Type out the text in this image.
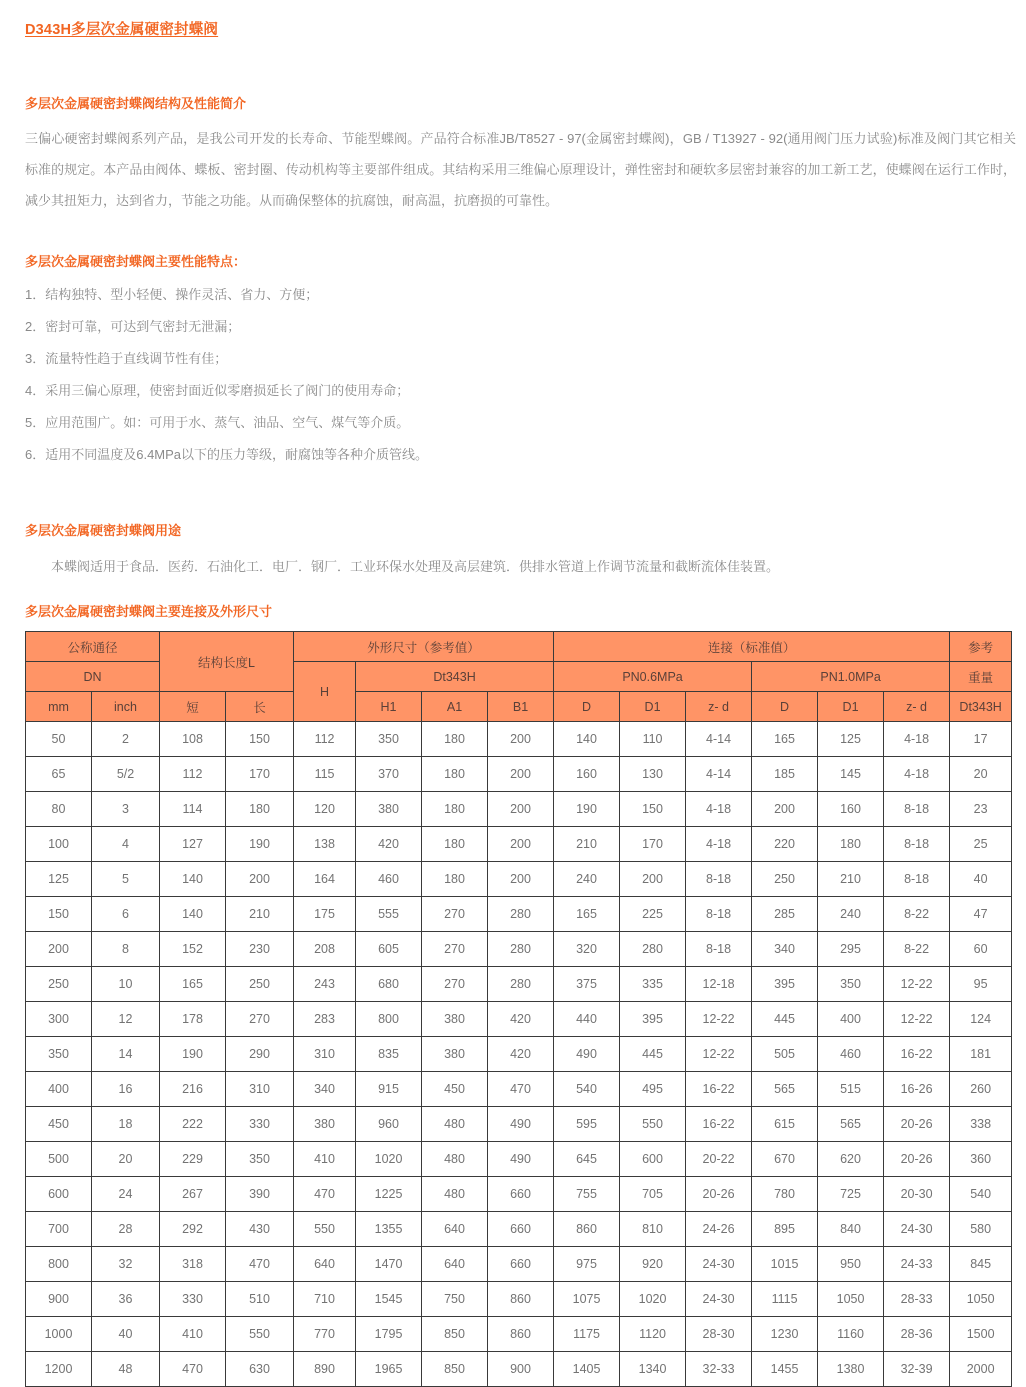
D343H多层次金属硬密封蝶阀
多层次金属硬密封蝶阀结构及性能简介

三偏心硬密封蝶阀系列产品，是我公司开发的长寿命、节能型蝶阀。产品符合标准JB/T8527 - 97(金属密封蝶阀)，GB / T13927 - 92(通用阀门压力试验)标准及阀门其它相关标准的规定。本产品由阀体、蝶板、密封圈、传动机构等主要部件组成。其结构采用三维偏心原理设计，弹性密封和硬软多层密封兼容的加工新工艺，使蝶阀在运行工作时，减少其扭矩力，达到省力，节能之功能。从而确保整体的抗腐蚀，耐高温，抗磨损的可靠性。

多层次金属硬密封蝶阀主要性能特点：
1．结构独特、型小轻便、操作灵活、省力、方便；
2．密封可靠，可达到气密封无泄漏；
3．流量特性趋于直线调节性有佳；
4．采用三偏心原理，使密封面近似零磨损延长了阀门的使用寿命；
5．应用范围广。如：可用于水、蒸气、油品、空气、煤气等介质。
6．适用不同温度及6.4MPa以下的压力等级，耐腐蚀等各种介质管线。
多层次金属硬密封蝶阀用途

本蝶阀适用于食品．医药．石油化工．电厂．钢厂．工业环保水处理及高层建筑．供排水管道上作调节流量和截断流体佳装置。

多层次金属硬密封蝶阀主要连接及外形尺寸
公称通径		结构长度L		外形尺寸（参考值）				连接（标准值）						参考
DN				H	Dt343H			PN0.6MPa			PN1.0MPa			重量
mm	inch	短	长		H1	A1	B1	D	D1	z- d	D	D1	z- d	Dt343H
50	2	108	150	112	350	180	200	140	110	4-14	165	125	4-18	17
65	5/2	112	170	115	370	180	200	160	130	4-14	185	145	4-18	20
80	3	114	180	120	380	180	200	190	150	4-18	200	160	8-18	23
100	4	127	190	138	420	180	200	210	170	4-18	220	180	8-18	25
125	5	140	200	164	460	180	200	240	200	8-18	250	210	8-18	40
150	6	140	210	175	555	270	280	165	225	8-18	285	240	8-22	47
200	8	152	230	208	605	270	280	320	280	8-18	340	295	8-22	60
250	10	165	250	243	680	270	280	375	335	12-18	395	350	12-22	95
300	12	178	270	283	800	380	420	440	395	12-22	445	400	12-22	124
350	14	190	290	310	835	380	420	490	445	12-22	505	460	16-22	181
400	16	216	310	340	915	450	470	540	495	16-22	565	515	16-26	260
450	18	222	330	380	960	480	490	595	550	16-22	615	565	20-26	338
500	20	229	350	410	1020	480	490	645	600	20-22	670	620	20-26	360
600	24	267	390	470	1225	480	660	755	705	20-26	780	725	20-30	540
700	28	292	430	550	1355	640	660	860	810	24-26	895	840	24-30	580
800	32	318	470	640	1470	640	660	975	920	24-30	1015	950	24-33	845
900	36	330	510	710	1545	750	860	1075	1020	24-30	1115	1050	28-33	1050
1000	40	410	550	770	1795	850	860	1175	1120	28-30	1230	1160	28-36	1500
1200	48	470	630	890	1965	850	900	1405	1340	32-33	1455	1380	32-39	2000
